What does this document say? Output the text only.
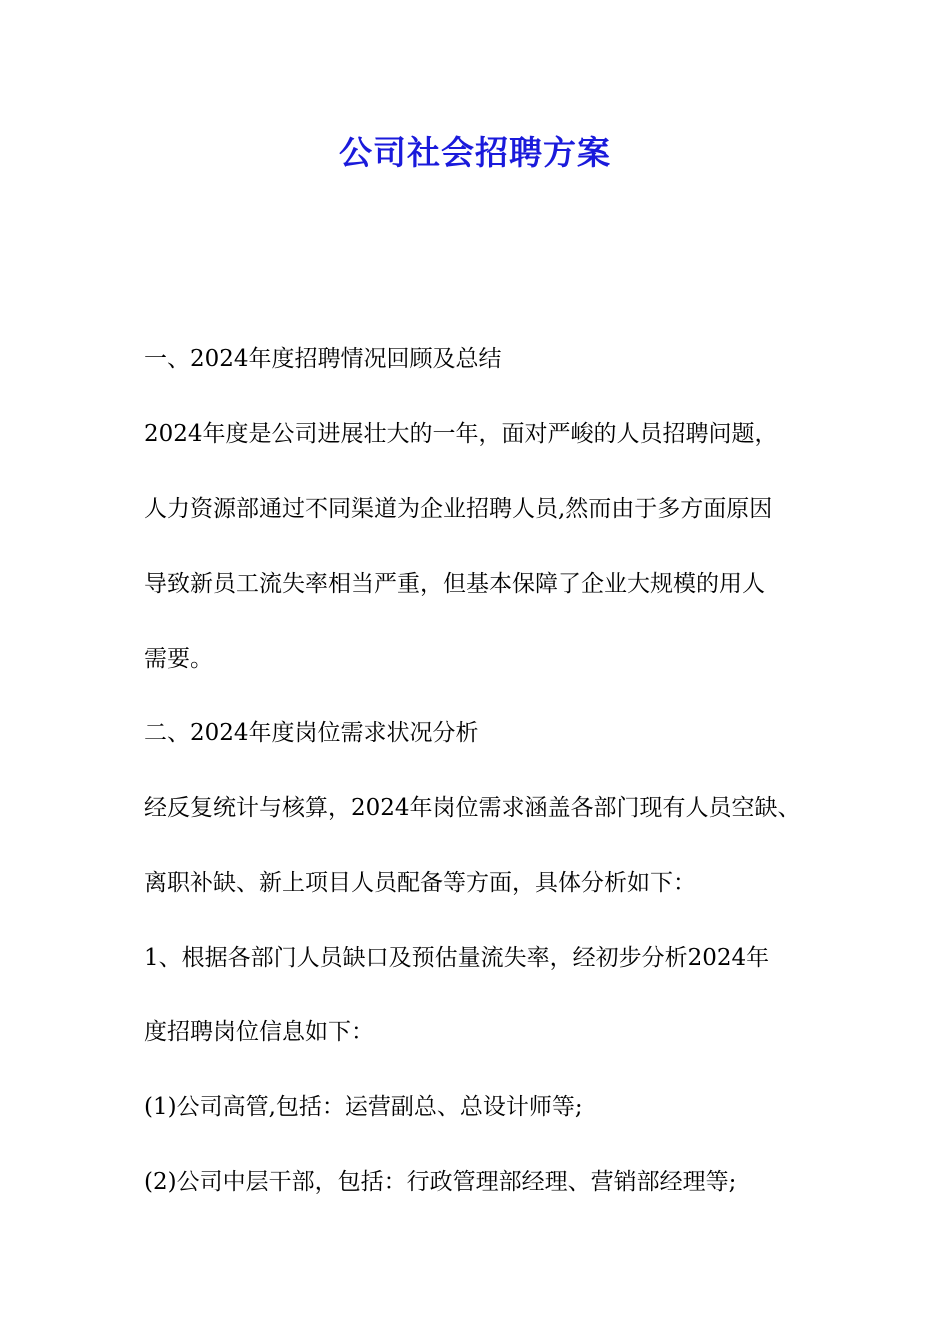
公司社会招聘方案
一、2024年度招聘情况回顾及总结
2024年度是公司进展壮大的一年，面对严峻的人员招聘问题，
人力资源部通过不同渠道为企业招聘人员,然而由于多方面原因
导致新员工流失率相当严重，但基本保障了企业大规模的用人
需要。
二、2024年度岗位需求状况分析
经反复统计与核算，2024年岗位需求涵盖各部门现有人员空缺、
离职补缺、新上项目人员配备等方面，具体分析如下：
1、根据各部门人员缺口及预估量流失率，经初步分析2024年
度招聘岗位信息如下：
(1)公司高管,包括：运营副总、总设计师等;
(2)公司中层干部，包括：行政管理部经理、营销部经理等;
